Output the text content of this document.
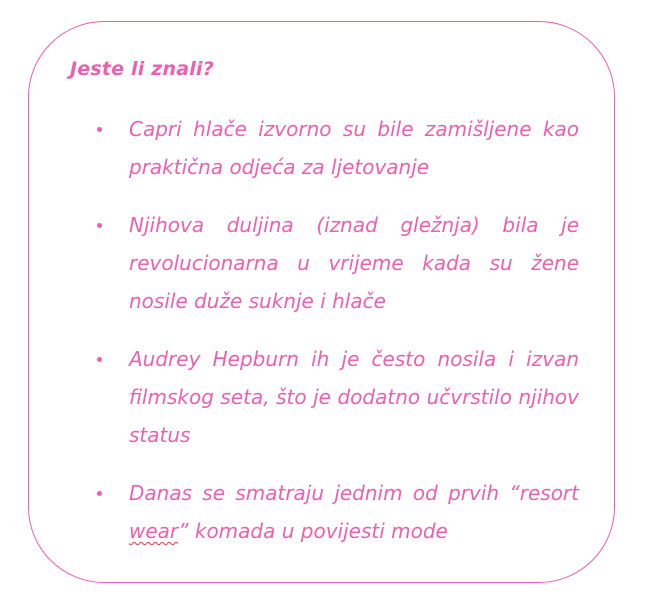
Jeste li znali?
Capri hlače izvorno su bile zamišljene kao praktična odjeća za ljetovanje
Njihova duljina (iznad gležnja) bila je revolucionarna u vrijeme kada su žene nosile duže suknje i hlače
Audrey Hepburn ih je često nosila i izvan filmskog seta, što je dodatno učvrstilo njihov status
Danas se smatraju jednim od prvih “resort wear” komada u povijesti mode
